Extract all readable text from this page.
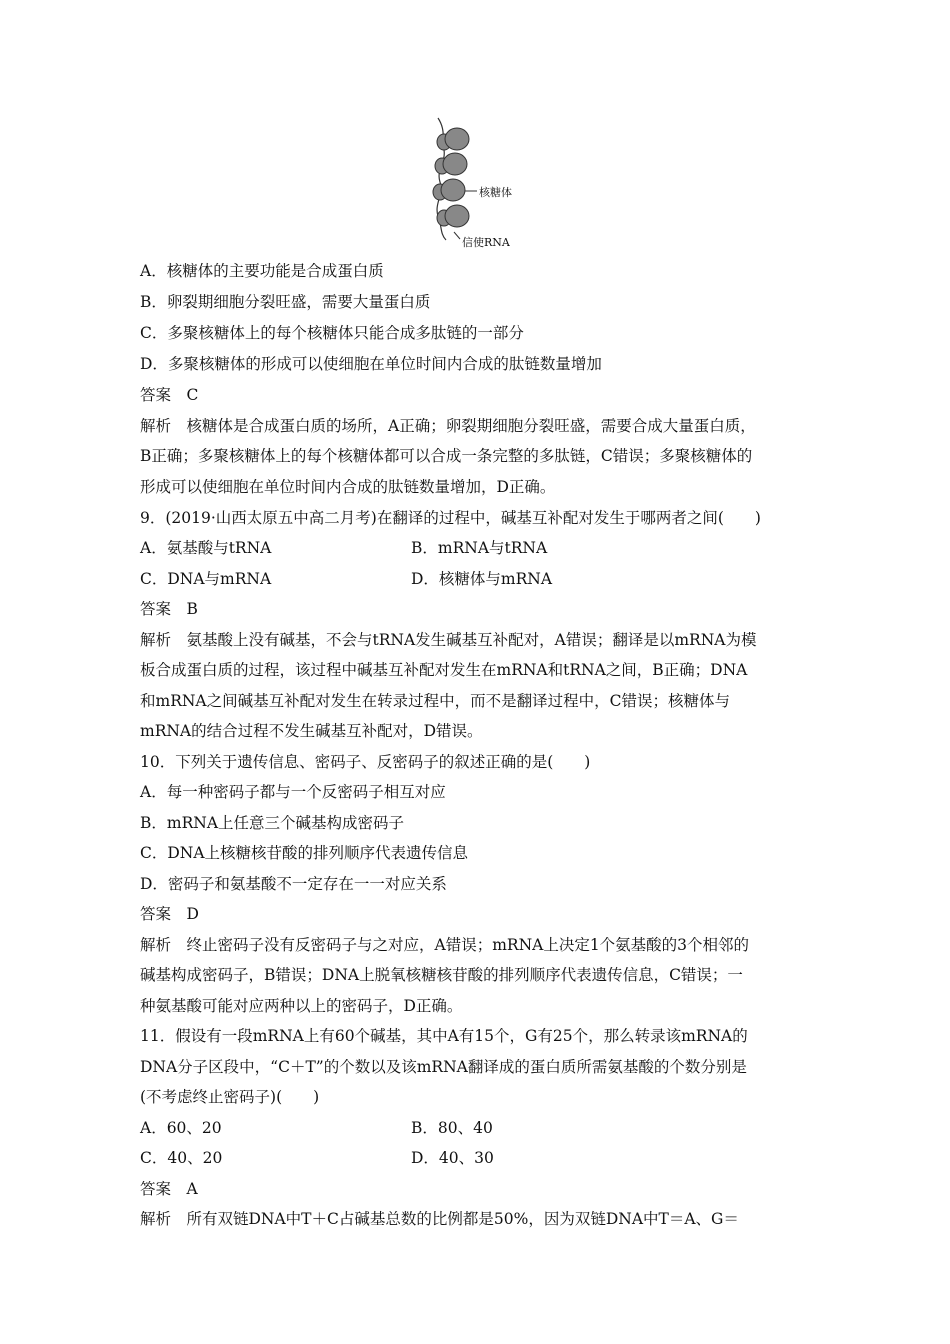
核糖体
信使RNA
A．核糖体的主要功能是合成蛋白质
B．卵裂期细胞分裂旺盛，需要大量蛋白质
C．多聚核糖体上的每个核糖体只能合成多肽链的一部分
D．多聚核糖体的形成可以使细胞在单位时间内合成的肽链数量增加
答案　C
解析　核糖体是合成蛋白质的场所，A正确；卵裂期细胞分裂旺盛，需要合成大量蛋白质，
B正确；多聚核糖体上的每个核糖体都可以合成一条完整的多肽链，C错误；多聚核糖体的
形成可以使细胞在单位时间内合成的肽链数量增加，D正确。
9．(2019·山西太原五中高二月考)在翻译的过程中，碱基互补配对发生于哪两者之间(　　)
A．氨基酸与tRNA	B．mRNA与tRNA
C．DNA与mRNA	D．核糖体与mRNA
答案　B
解析　氨基酸上没有碱基，不会与tRNA发生碱基互补配对，A错误；翻译是以mRNA为模
板合成蛋白质的过程，该过程中碱基互补配对发生在mRNA和tRNA之间，B正确；DNA
和mRNA之间碱基互补配对发生在转录过程中，而不是翻译过程中，C错误；核糖体与
mRNA的结合过程不发生碱基互补配对，D错误。
10．下列关于遗传信息、密码子、反密码子的叙述正确的是(　　)
A．每一种密码子都与一个反密码子相互对应
B．mRNA上任意三个碱基构成密码子
C．DNA上核糖核苷酸的排列顺序代表遗传信息
D．密码子和氨基酸不一定存在一一对应关系
答案　D
解析　终止密码子没有反密码子与之对应，A错误；mRNA上决定1个氨基酸的3个相邻的
碱基构成密码子，B错误；DNA上脱氧核糖核苷酸的排列顺序代表遗传信息，C错误；一
种氨基酸可能对应两种以上的密码子，D正确。
11．假设有一段mRNA上有60个碱基，其中A有15个，G有25个，那么转录该mRNA的
DNA分子区段中，“C＋T”的个数以及该mRNA翻译成的蛋白质所需氨基酸的个数分别是
(不考虑终止密码子)(　　)
A．60、20	B．80、40
C．40、20	D．40、30
答案　A
解析　所有双链DNA中T＋C占碱基总数的比例都是50%，因为双链DNA中T＝A、G＝
